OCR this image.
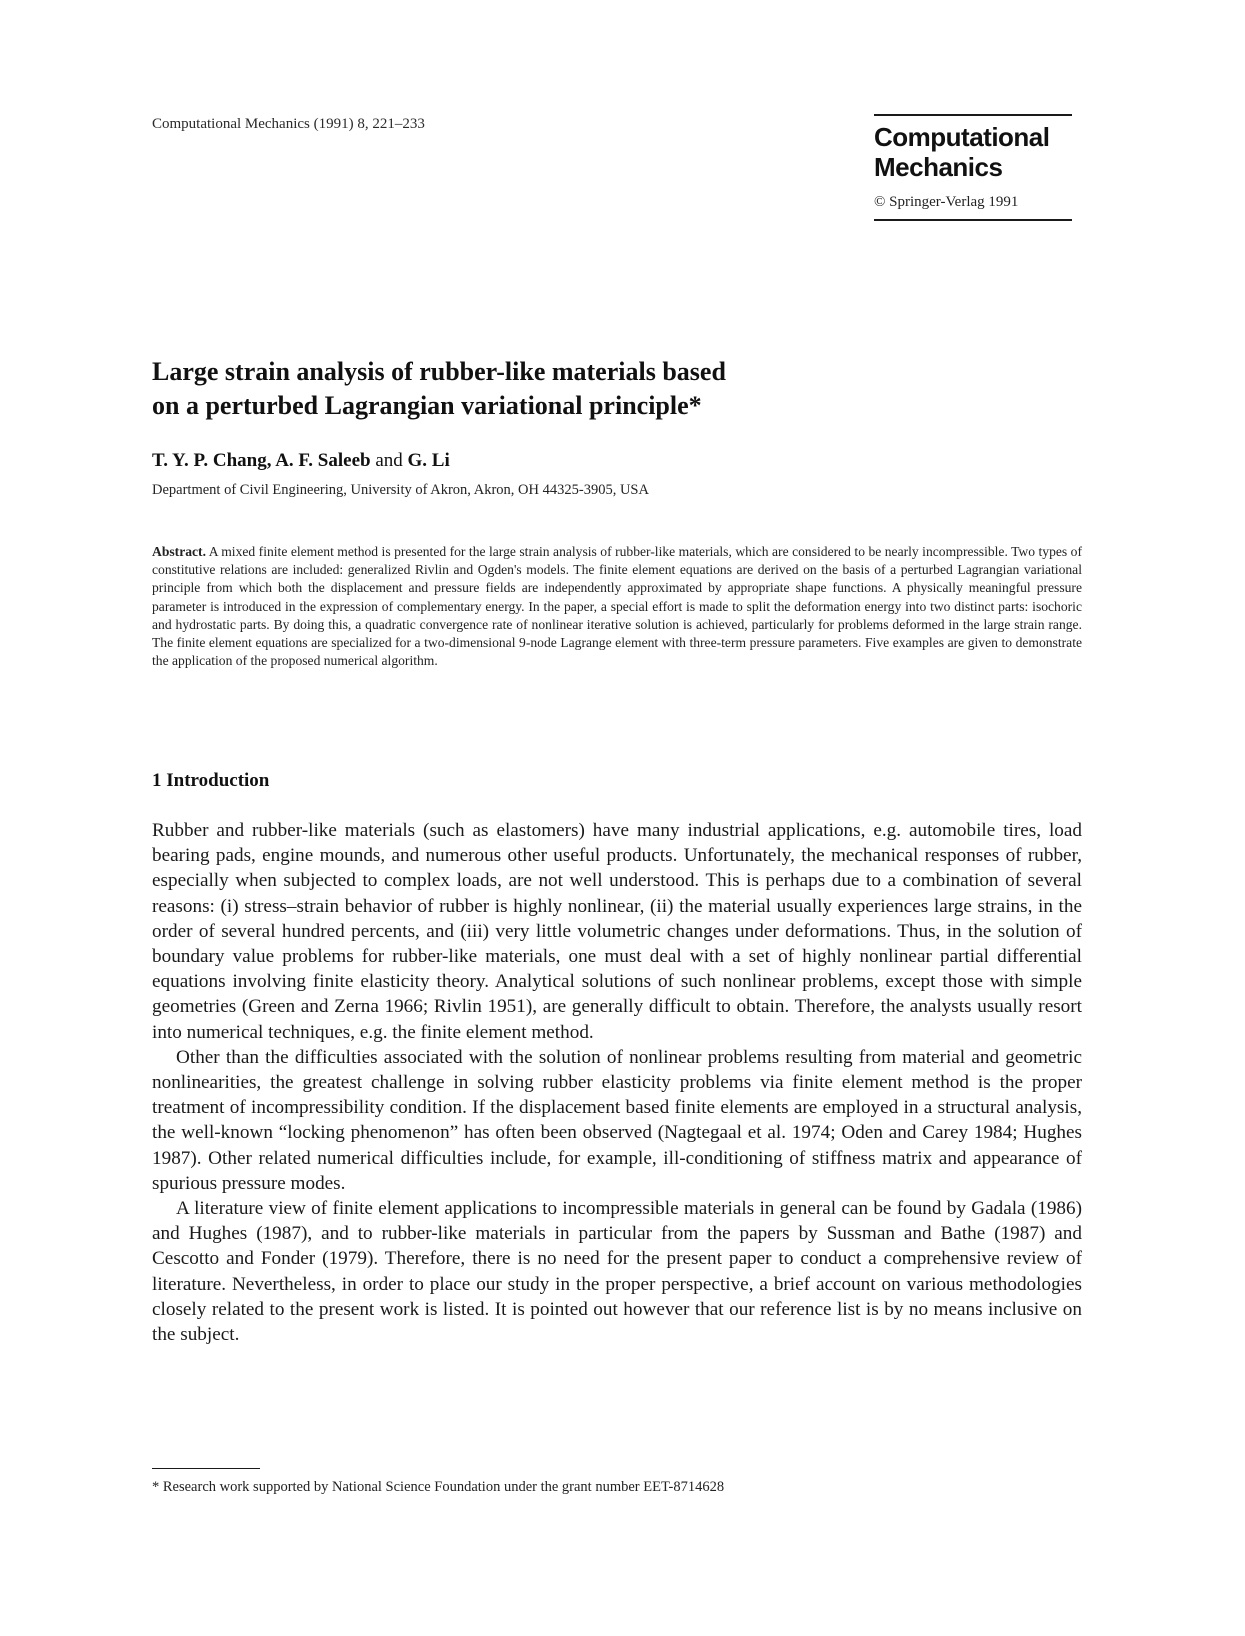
Computational Mechanics (1991) 8, 221–233	Computational
Mechanics
© Springer-Verlag 1991
Large strain analysis of rubber-like materials based
on a perturbed Lagrangian variational principle*
T. Y. P. Chang, A. F. Saleeb and G. Li
Department of Civil Engineering, University of Akron, Akron, OH 44325-3905, USA
Abstract. A mixed finite element method is presented for the large strain analysis of rubber-like materials, which are considered to be nearly incompressible. Two types of constitutive relations are included: generalized Rivlin and Ogden's models. The finite element equations are derived on the basis of a perturbed Lagrangian variational principle from which both the displacement and pressure fields are independently approximated by appropriate shape functions. A physically meaningful pressure parameter is introduced in the expression of complementary energy. In the paper, a special effort is made to split the deformation energy into two distinct parts: isochoric and hydrostatic parts. By doing this, a quadratic convergence rate of nonlinear iterative solution is achieved, particularly for problems deformed in the large strain range. The finite element equations are specialized for a two-dimensional 9-node Lagrange element with three-term pressure parameters. Five examples are given to demonstrate the application of the proposed numerical algorithm.
1 Introduction

Rubber and rubber-like materials (such as elastomers) have many industrial applications, e.g. automobile tires, load bearing pads, engine mounds, and numerous other useful products. Unfortunately, the mechanical responses of rubber, especially when subjected to complex loads, are not well understood. This is perhaps due to a combination of several reasons: (i) stress–strain behavior of rubber is highly nonlinear, (ii) the material usually experiences large strains, in the order of several hundred percents, and (iii) very little volumetric changes under deformations. Thus, in the solution of boundary value problems for rubber-like materials, one must deal with a set of highly nonlinear partial differential equations involving finite elasticity theory. Analytical solutions of such nonlinear problems, except those with simple geometries (Green and Zerna 1966; Rivlin 1951), are generally difficult to obtain. Therefore, the analysts usually resort into numerical techniques, e.g. the finite element method.

Other than the difficulties associated with the solution of nonlinear problems resulting from material and geometric nonlinearities, the greatest challenge in solving rubber elasticity problems via finite element method is the proper treatment of incompressibility condition. If the displacement based finite elements are employed in a structural analysis, the well-known “locking phenomenon” has often been observed (Nagtegaal et al. 1974; Oden and Carey 1984; Hughes 1987). Other related numerical difficulties include, for example, ill-conditioning of stiffness matrix and appearance of spurious pressure modes.

A literature view of finite element applications to incompressible materials in general can be found by Gadala (1986) and Hughes (1987), and to rubber-like materials in particular from the papers by Sussman and Bathe (1987) and Cescotto and Fonder (1979). Therefore, there is no need for the present paper to conduct a comprehensive review of literature. Nevertheless, in order to place our study in the proper perspective, a brief account on various methodologies closely related to the present work is listed. It is pointed out however that our reference list is by no means inclusive on the subject.

* Research work supported by National Science Foundation under the grant number EET-8714628
